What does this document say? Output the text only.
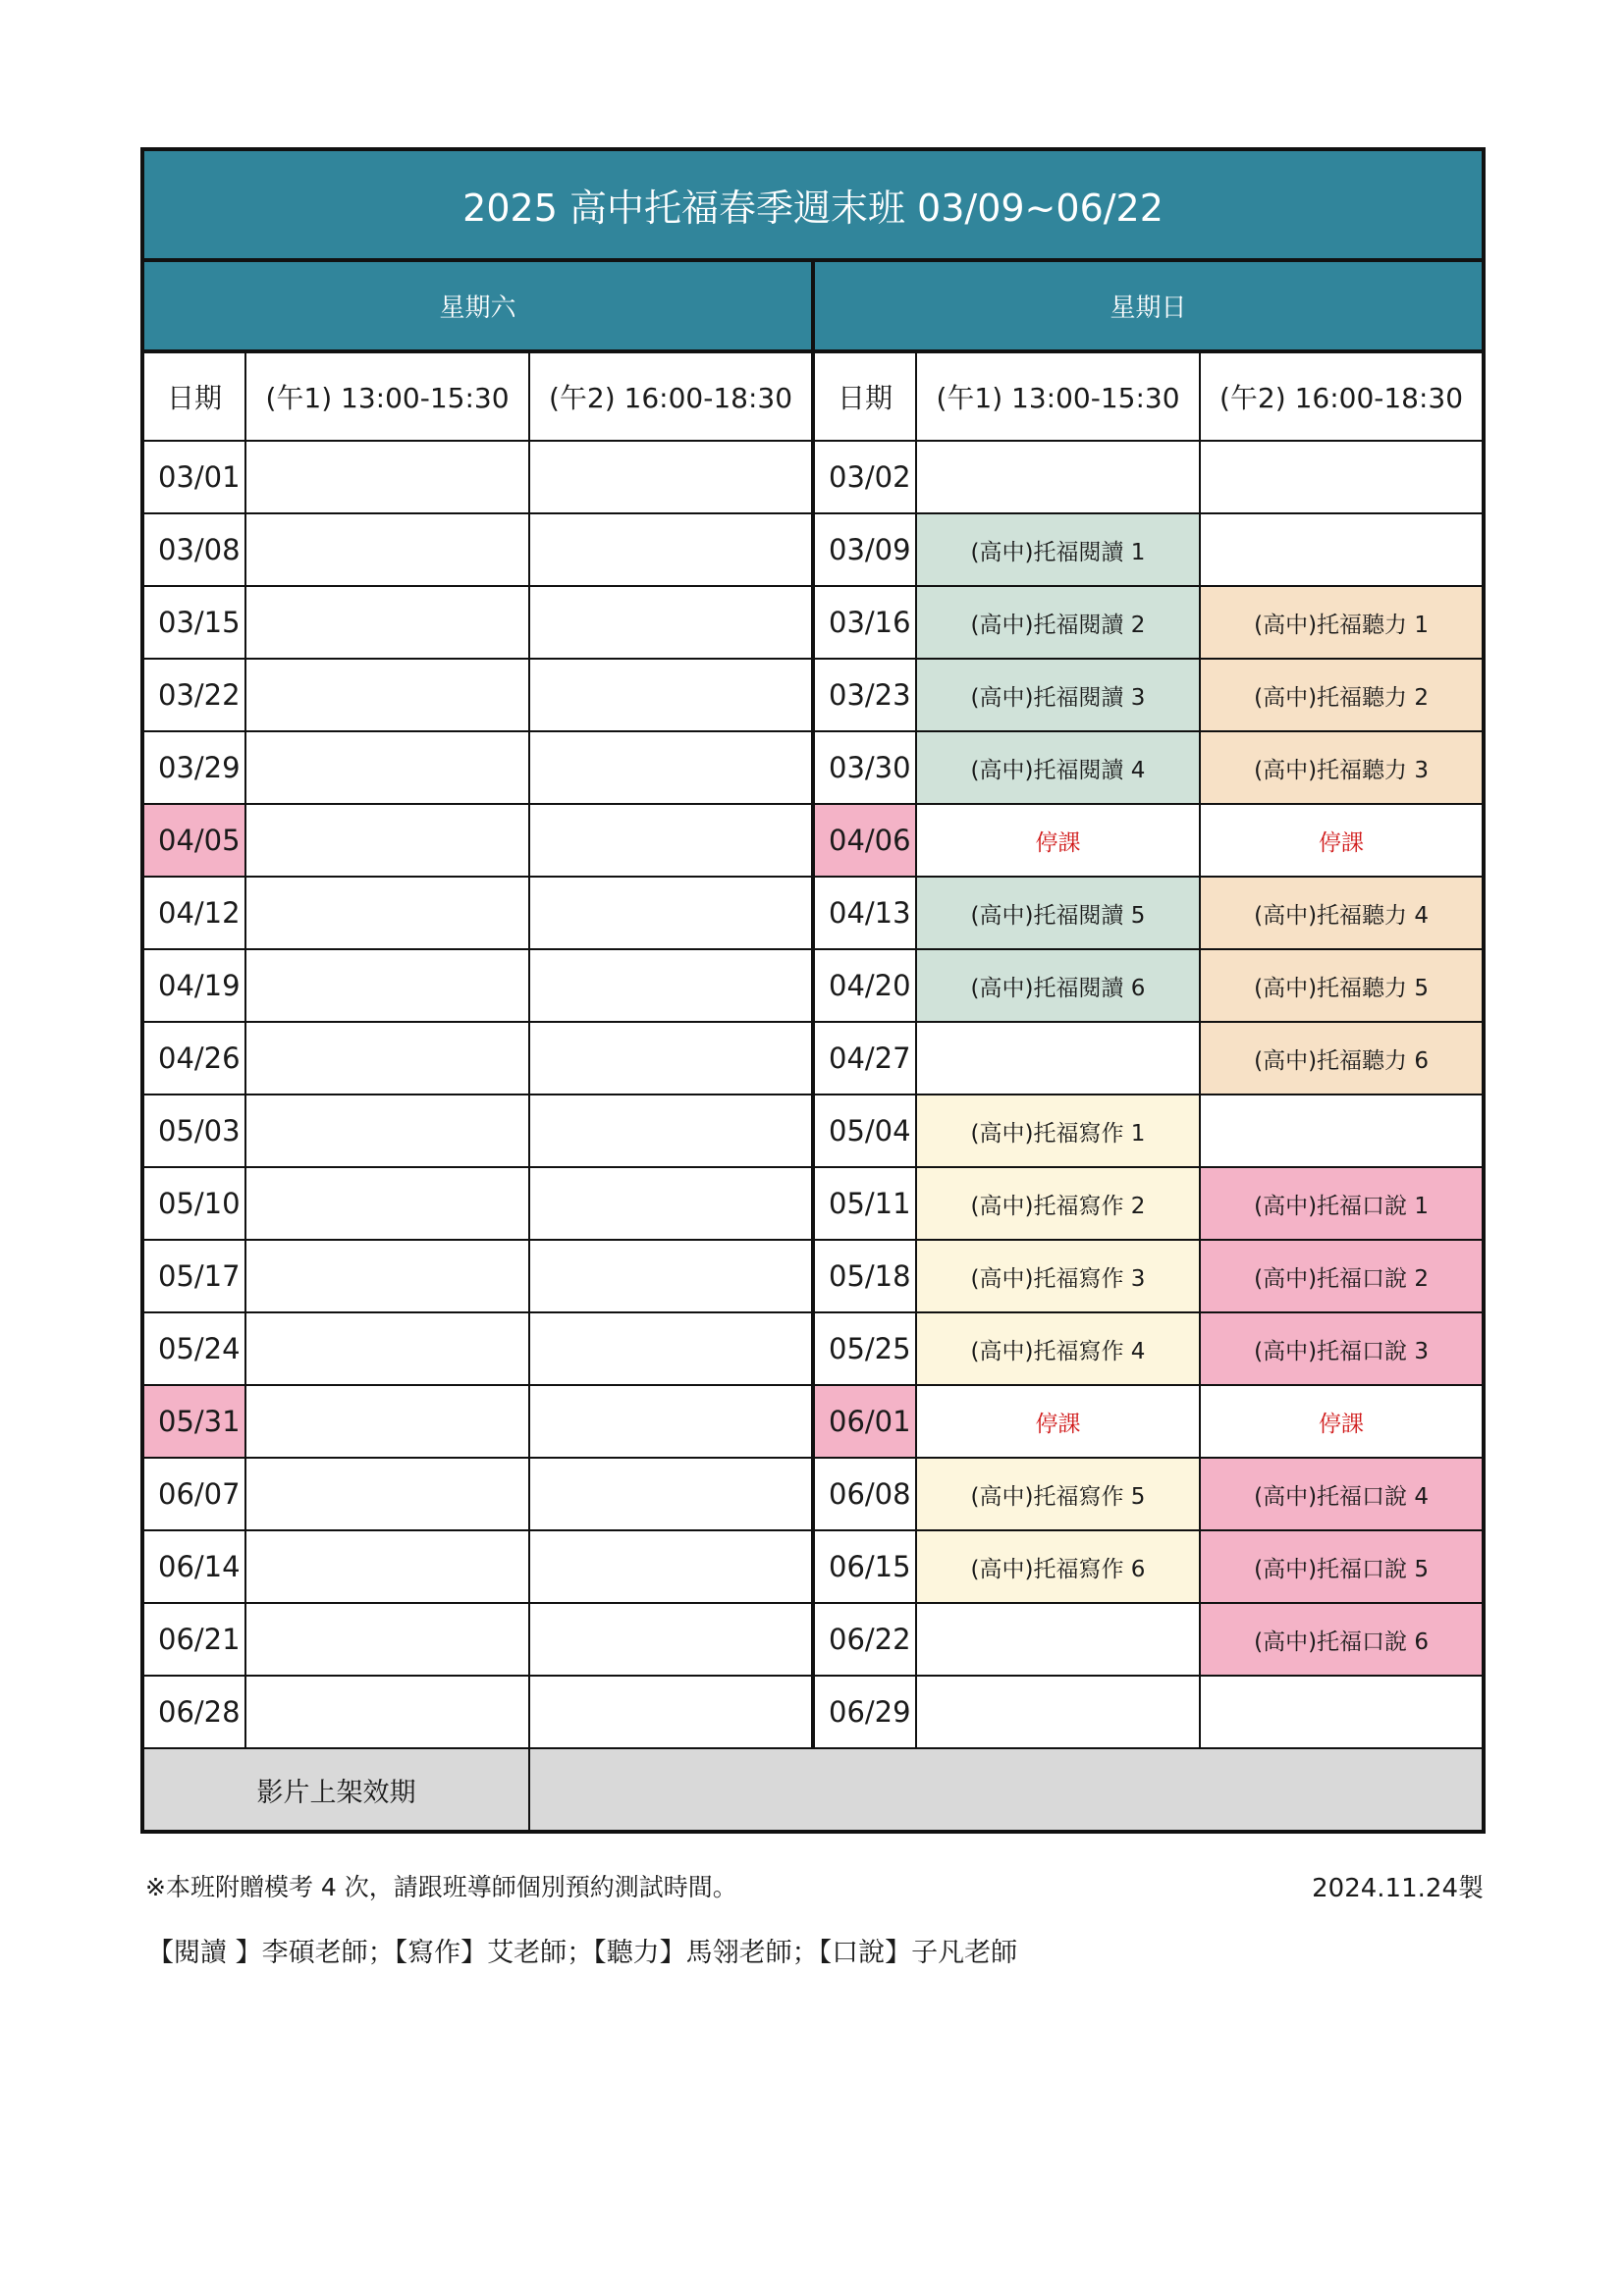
2025 高中托福春季週末班 03/09~06/22					
星期六			星期日		
日期	(午1) 13:00-15:30	(午2) 16:00-18:30	日期	(午1) 13:00-15:30	(午2) 16:00-18:30
03/01			03/02		
03/08			03/09	(高中)托福閱讀 1	
03/15			03/16	(高中)托福閱讀 2	(高中)托福聽力 1
03/22			03/23	(高中)托福閱讀 3	(高中)托福聽力 2
03/29			03/30	(高中)托福閱讀 4	(高中)托福聽力 3
04/05			04/06	停課	停課
04/12			04/13	(高中)托福閱讀 5	(高中)托福聽力 4
04/19			04/20	(高中)托福閱讀 6	(高中)托福聽力 5
04/26			04/27		(高中)托福聽力 6
05/03			05/04	(高中)托福寫作 1	
05/10			05/11	(高中)托福寫作 2	(高中)托福口說 1
05/17			05/18	(高中)托福寫作 3	(高中)托福口說 2
05/24			05/25	(高中)托福寫作 4	(高中)托福口說 3
05/31			06/01	停課	停課
06/07			06/08	(高中)托福寫作 5	(高中)托福口說 4
06/14			06/15	(高中)托福寫作 6	(高中)托福口說 5
06/21			06/22		(高中)托福口說 6
06/28			06/29		
影片上架效期					
※本班附贈模考 4 次，請跟班導師個別預約測試時間。	2024.11.24製
【閱讀 】李碩老師；【寫作】艾老師；【聽力】馬翎老師；【口說】子凡老師
